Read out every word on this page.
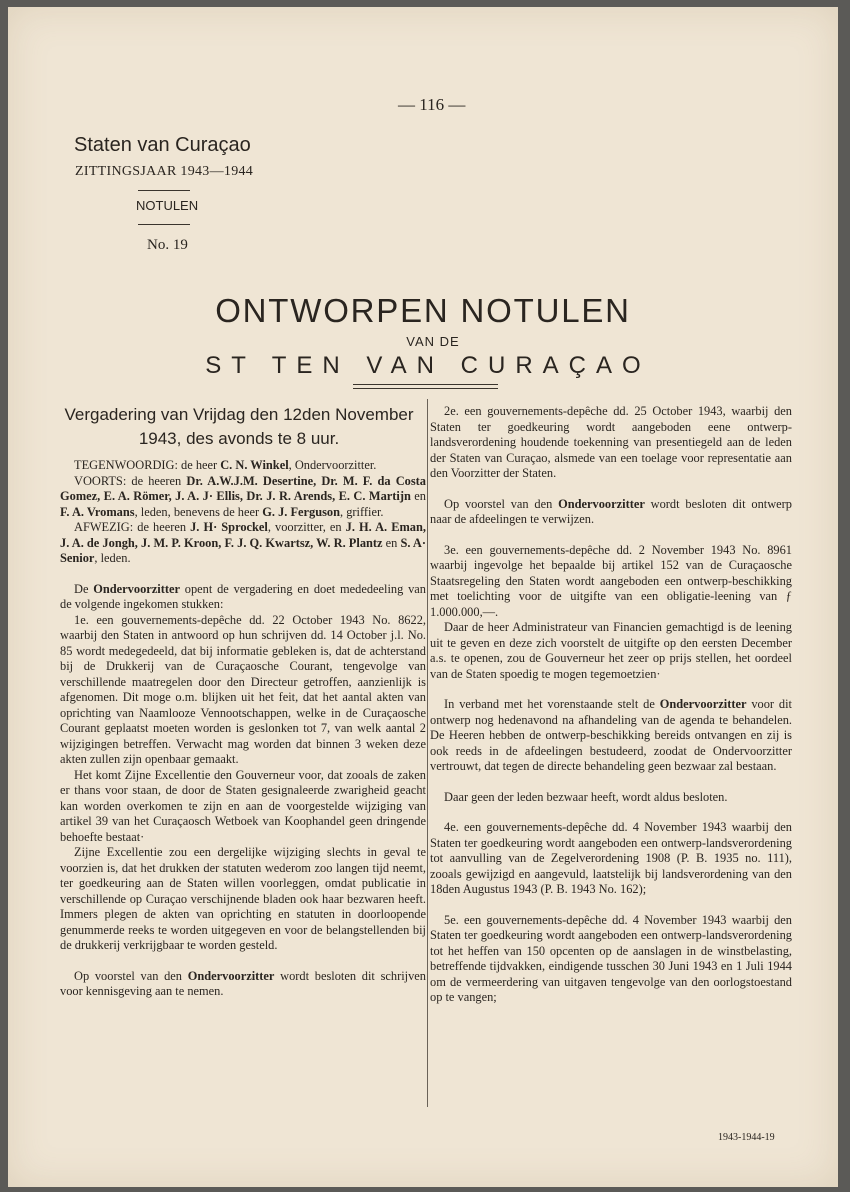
— 116 —
Staten van Curaçao
ZITTINGSJAAR 1943—1944
NOTULEN
No. 19
ONTWORPEN NOTULEN
VAN DE
ST TEN VAN CURAÇAO
Vergadering van Vrijdag den 12den November 1943, des avonds te 8 uur.

TEGENWOORDIG: de heer C. N. Winkel, Ondervoorzitter.

VOORTS: de heeren Dr. A.W.J.M. Desertine, Dr. M. F. da Costa Gomez, E. A. Römer, J. A. J· Ellis, Dr. J. R. Arends, E. C. Martijn en F. A. Vromans, leden, benevens de heer G. J. Ferguson, griffier.

AFWEZIG: de heeren J. H· Sprockel, voorzitter, en J. H. A. Eman, J. A. de Jongh, J. M. P. Kroon, F. J. Q. Kwartsz, W. R. Plantz en S. A· Senior, leden.

De Ondervoorzitter opent de vergadering en doet mededeeling van de volgende ingekomen stukken:

1e. een gouvernements-depêche dd. 22 October 1943 No. 8622, waarbij den Staten in antwoord op hun schrijven dd. 14 October j.l. No. 85 wordt medegedeeld, dat bij informatie gebleken is, dat de achterstand bij de Drukkerij van de Curaçaosche Courant, tengevolge van verschillende maatregelen door den Directeur getroffen, aanzienlijk is afgenomen. Dit moge o.m. blijken uit het feit, dat het aantal akten van oprichting van Naamlooze Vennootschappen, welke in de Curaçaosche Courant geplaatst moeten worden is geslonken tot 7, van welk aantal 2 wijzigingen betreffen. Verwacht mag worden dat binnen 3 weken deze akten zullen zijn openbaar gemaakt.

Het komt Zijne Excellentie den Gouverneur voor, dat zooals de zaken er thans voor staan, de door de Staten gesignaleerde zwarigheid geacht kan worden overkomen te zijn en aan de voorgestelde wijziging van artikel 39 van het Curaçaosch Wetboek van Koophandel geen dringende behoefte bestaat·

Zijne Excellentie zou een dergelijke wijziging slechts in geval te voorzien is, dat het drukken der statuten wederom zoo langen tijd neemt, ter goedkeuring aan de Staten willen voorleggen, omdat publicatie in verschillende op Curaçao verschijnende bladen ook haar bezwaren heeft. Immers plegen de akten van oprichting en statuten in doorloopende genummerde reeks te worden uitgegeven en voor de belangstellenden bij de drukkerij verkrijgbaar te worden gesteld.

Op voorstel van den Ondervoorzitter wordt besloten dit schrijven voor kennisgeving aan te nemen.

2e. een gouvernements-depêche dd. 25 October 1943, waarbij den Staten ter goedkeuring wordt aangeboden eene ontwerp-landsverordening houdende toekenning van presentiegeld aan de leden der Staten van Curaçao, alsmede van een toelage voor representatie aan den Voorzitter der Staten.

Op voorstel van den Ondervoorzitter wordt besloten dit ontwerp naar de afdeelingen te verwijzen.

3e. een gouvernements-depêche dd. 2 November 1943 No. 8961 waarbij ingevolge het bepaalde bij artikel 152 van de Curaçaosche Staatsregeling den Staten wordt aangeboden een ontwerp-beschikking met toelichting voor de uitgifte van een obligatie-leening van ƒ 1.000.000,—.

Daar de heer Administrateur van Financien gemachtigd is de leening uit te geven en deze zich voorstelt de uitgifte op den eersten December a.s. te openen, zou de Gouverneur het zeer op prijs stellen, het oordeel van de Staten spoedig te mogen tegemoetzien·

In verband met het vorenstaande stelt de Ondervoorzitter voor dit ontwerp nog hedenavond na afhandeling van de agenda te behandelen. De Heeren hebben de ontwerp-beschikking bereids ontvangen en zij is ook reeds in de afdeelingen bestudeerd, zoodat de Ondervoorzitter vertrouwt, dat tegen de directe behandeling geen bezwaar zal bestaan.

Daar geen der leden bezwaar heeft, wordt aldus besloten.

4e. een gouvernements-depêche dd. 4 November 1943 waarbij den Staten ter goedkeuring wordt aangeboden een ontwerp-landsverordening tot aanvulling van de Zegelverordening 1908 (P. B. 1935 no. 111), zooals gewijzigd en aangevuld, laatstelijk bij landsverordening van den 18den Augustus 1943 (P. B. 1943 No. 162);

5e. een gouvernements-depêche dd. 4 November 1943 waarbij den Staten ter goedkeuring wordt aangeboden een ontwerp-landsverordening tot het heffen van 150 opcenten op de aanslagen in de winstbelasting, betreffende tijdvakken, eindigende tusschen 30 Juni 1943 en 1 Juli 1944 om de vermeerdering van uitgaven tengevolge van den oorlogstoestand op te vangen;

1943-1944-19
